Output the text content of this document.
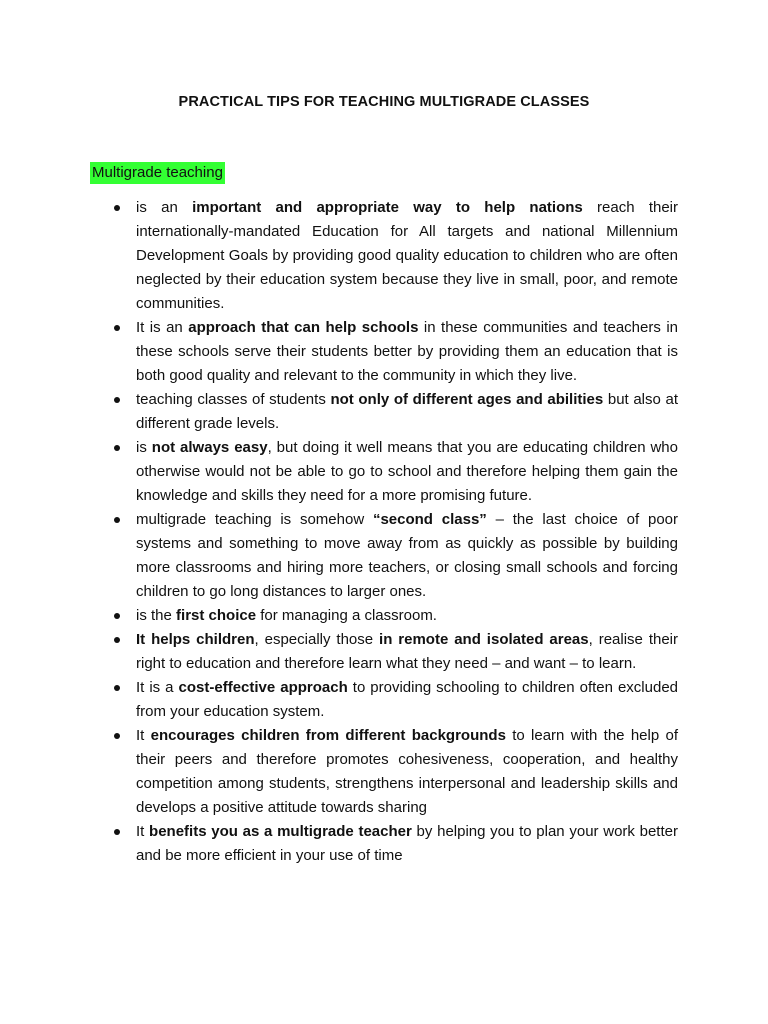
PRACTICAL TIPS FOR TEACHING MULTIGRADE CLASSES
Multigrade teaching
is an important and appropriate way to help nations reach their internationally-mandated Education for All targets and national Millennium Development Goals by providing good quality education to children who are often neglected by their education system because they live in small, poor, and remote communities.
It is an approach that can help schools in these communities and teachers in these schools serve their students better by providing them an education that is both good quality and relevant to the community in which they live.
teaching classes of students not only of different ages and abilities but also at different grade levels.
is not always easy, but doing it well means that you are educating children who otherwise would not be able to go to school and therefore helping them gain the knowledge and skills they need for a more promising future.
multigrade teaching is somehow “second class” – the last choice of poor systems and something to move away from as quickly as possible by building more classrooms and hiring more teachers, or closing small schools and forcing children to go long distances to larger ones.
is the first choice for managing a classroom.
It helps children, especially those in remote and isolated areas, realise their right to education and therefore learn what they need – and want – to learn.
It is a cost-effective approach to providing schooling to children often excluded from your education system.
It encourages children from different backgrounds to learn with the help of their peers and therefore promotes cohesiveness, cooperation, and healthy competition among students, strengthens interpersonal and leadership skills and develops a positive attitude towards sharing
It benefits you as a multigrade teacher by helping you to plan your work better and be more efficient in your use of time
